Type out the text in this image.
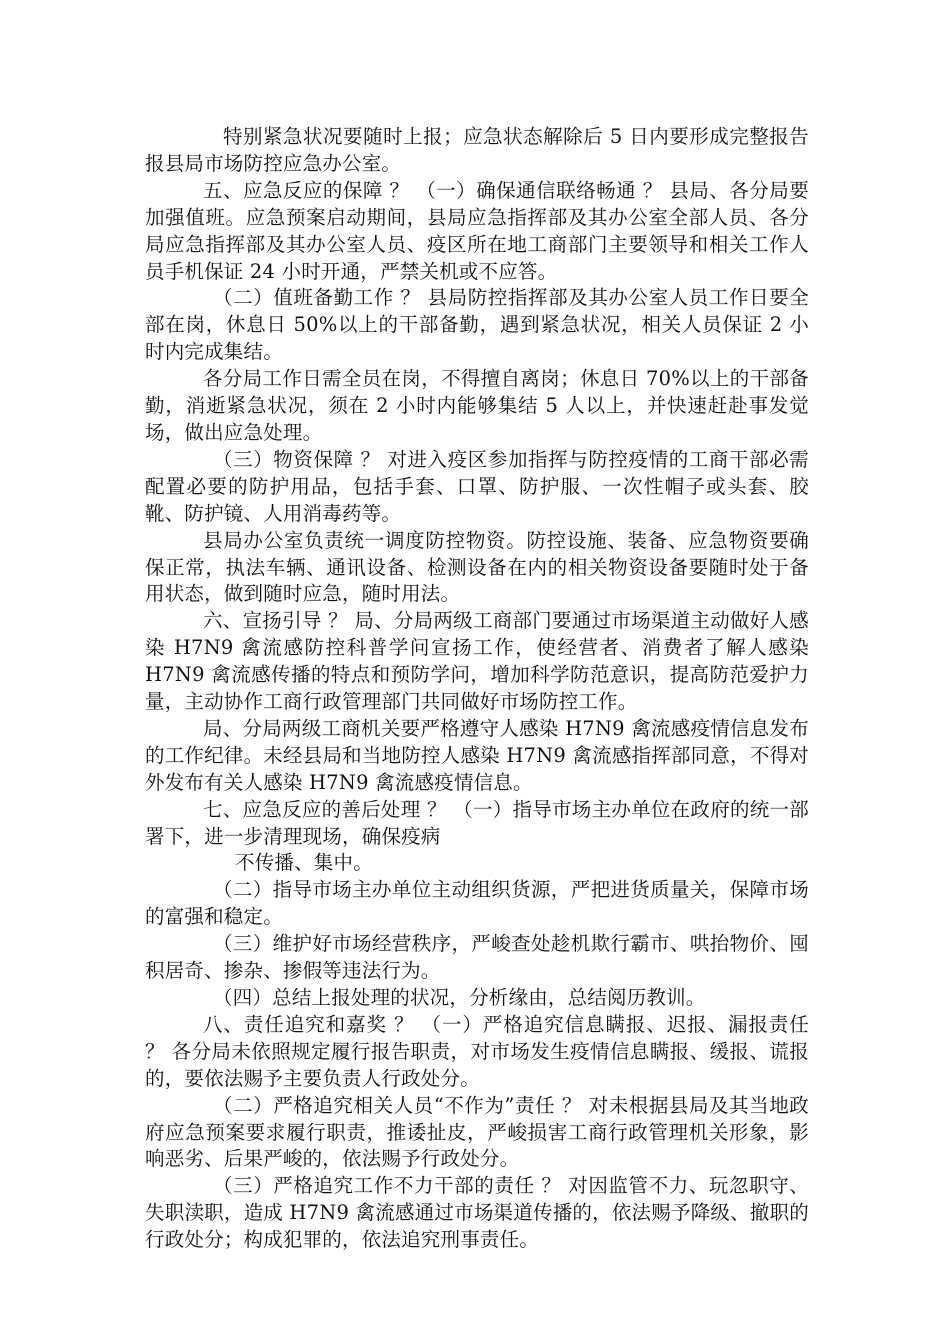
特别紧急状况要随时上报；应急状态解除后 5 日内要形成完整报告报县局市场防控应急办公室。

五、应急反应的保障 ？ （一）确保通信联络畅通 ？ 县局、各分局要加强值班。应急预案启动期间，县局应急指挥部及其办公室全部人员、各分局应急指挥部及其办公室人员、疫区所在地工商部门主要领导和相关工作人员手机保证 24 小时开通，严禁关机或不应答。

（二）值班备勤工作 ？ 县局防控指挥部及其办公室人员工作日要全部在岗，休息日 50%以上的干部备勤，遇到紧急状况，相关人员保证 2 小时内完成集结。

各分局工作日需全员在岗，不得擅自离岗；休息日 70%以上的干部备勤，消逝紧急状况，须在 2 小时内能够集结 5 人以上，并快速赶赴事发觉场，做出应急处理。

（三）物资保障 ？ 对进入疫区参加指挥与防控疫情的工商干部必需配置必要的防护用品，包括手套、口罩、防护服、一次性帽子或头套、胶靴、防护镜、人用消毒药等。

县局办公室负责统一调度防控物资。防控设施、装备、应急物资要确保正常，执法车辆、通讯设备、检测设备在内的相关物资设备要随时处于备用状态，做到随时应急，随时用法。

六、宣扬引导 ？ 局、分局两级工商部门要通过市场渠道主动做好人感染 H7N9 禽流感防控科普学问宣扬工作，使经营者、消费者了解人感染 H7N9 禽流感传播的特点和预防学问，增加科学防范意识，提高防范爱护力量，主动协作工商行政管理部门共同做好市场防控工作。

局、分局两级工商机关要严格遵守人感染 H7N9 禽流感疫情信息发布的工作纪律。未经县局和当地防控人感染 H7N9 禽流感指挥部同意，不得对外发布有关人感染 H7N9 禽流感疫情信息。

七、应急反应的善后处理 ？ （一）指导市场主办单位在政府的统一部署下，进一步清理现场，确保疫病

不传播、集中。

（二）指导市场主办单位主动组织货源，严把进货质量关，保障市场的富强和稳定。

（三）维护好市场经营秩序，严峻查处趁机欺行霸市、哄抬物价、囤积居奇、掺杂、掺假等违法行为。

（四）总结上报处理的状况，分析缘由，总结阅历教训。

八、责任追究和嘉奖 ？ （一）严格追究信息瞒报、迟报、漏报责任 ？ 各分局未依照规定履行报告职责，对市场发生疫情信息瞒报、缓报、谎报的，要依法赐予主要负责人行政处分。

（二）严格追究相关人员“不作为”责任 ？ 对未根据县局及其当地政府应急预案要求履行职责，推诿扯皮，严峻损害工商行政管理机关形象，影响恶劣、后果严峻的，依法赐予行政处分。

（三）严格追究工作不力干部的责任 ？ 对因监管不力、玩忽职守、失职渎职，造成 H7N9 禽流感通过市场渠道传播的，依法赐予降级、撤职的行政处分；构成犯罪的，依法追究刑事责任。
